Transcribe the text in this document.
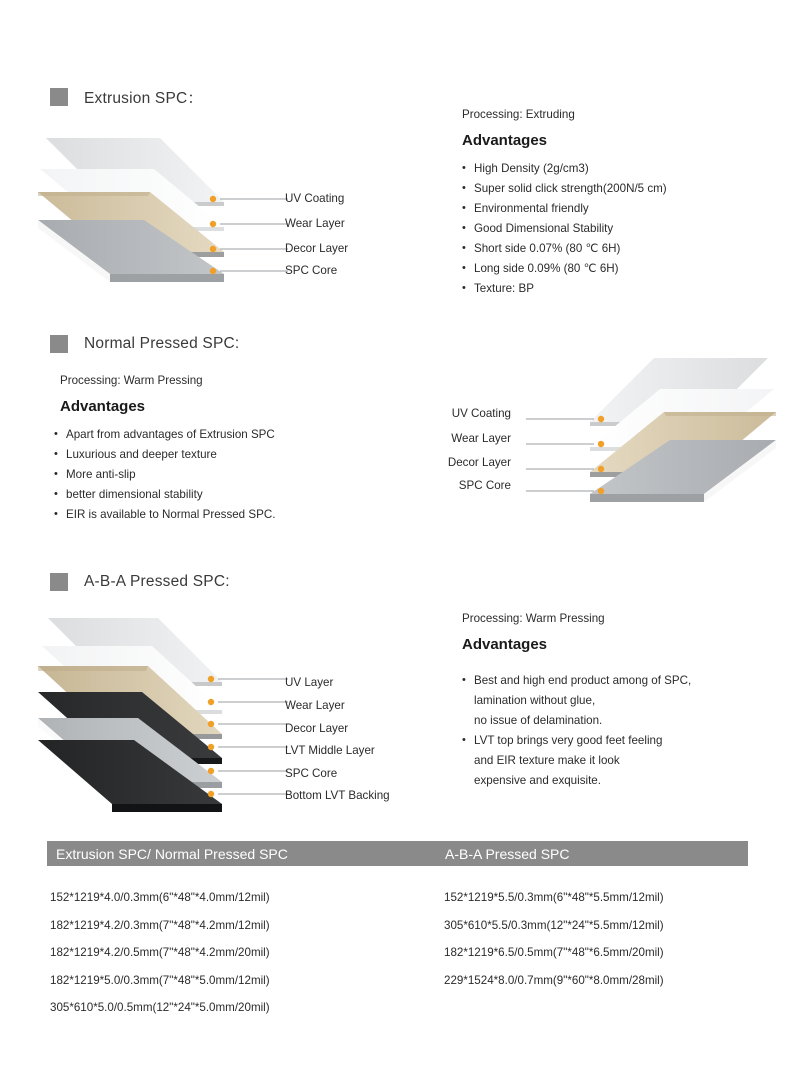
Extrusion SPC：
UV Coating
Wear Layer
Decor Layer
SPC Core
Processing: Extruding
Advantages
• High Density (2g/cm3)
• Super solid click strength(200N/5 cm)
• Environmental friendly
• Good Dimensional Stability
• Short side 0.07% (80 ℃ 6H)
• Long side 0.09% (80 ℃ 6H)
• Texture: BP
Normal Pressed SPC:
Processing: Warm Pressing
Advantages
• Apart from advantages of Extrusion SPC
• Luxurious and deeper texture
• More anti-slip
• better dimensional stability
• EIR is available to Normal Pressed SPC.
UV Coating
Wear Layer
Decor Layer
SPC Core
A-B-A Pressed SPC:
UV Layer
Wear Layer
Decor Layer
LVT Middle Layer
SPC Core
Bottom LVT Backing
Processing: Warm Pressing
Advantages
• Best and high end product among of SPC,
lamination without glue,
no issue of delamination.
• LVT top brings very good feet feeling
and EIR texture make it look
expensive and exquisite.
Extrusion SPC/ Normal Pressed SPC	A-B-A Pressed SPC
152*1219*4.0/0.3mm(6"*48"*4.0mm/12mil)
182*1219*4.2/0.3mm(7"*48"*4.2mm/12mil)
182*1219*4.2/0.5mm(7"*48"*4.2mm/20mil)
182*1219*5.0/0.3mm(7"*48"*5.0mm/12mil)
305*610*5.0/0.5mm(12"*24"*5.0mm/20mil)
152*1219*5.5/0.3mm(6"*48"*5.5mm/12mil)
305*610*5.5/0.3mm(12"*24"*5.5mm/12mil)
182*1219*6.5/0.5mm(7"*48"*6.5mm/20mil)
229*1524*8.0/0.7mm(9"*60"*8.0mm/28mil)
